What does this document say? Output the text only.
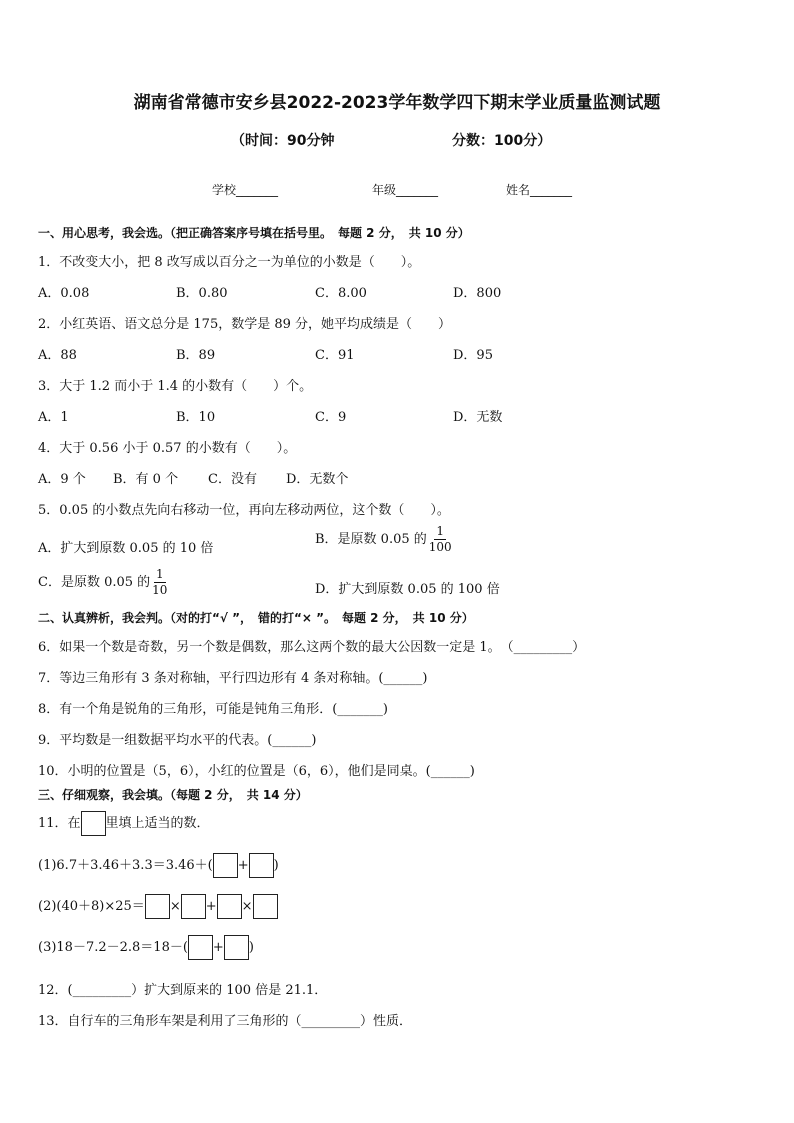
湖南省常德市安乡县2022-2023学年数学四下期末学业质量监测试题
（时间：90分钟	分数：100分）
学校_______	年级_______	姓名_______
一、用心思考，我会选。（把正确答案序号填在括号里。　每题 2 分，　共 10 分）
1．不改变大小，把 8 改写成以百分之一为单位的小数是（　　）。
A．0.08	B．0.80	C．8.00	D．800
2．小红英语、语文总分是 175，数学是 89 分，她平均成绩是（　　）
A．88	B．89	C．91	D．95
3．大于 1.2 而小于 1.4 的小数有（　　）个。
A．1	B．10	C．9	D．无数
4．大于 0.56 小于 0.57 的小数有（　　）。
A．9 个 B．有 0 个 C．没有 D．无数个
5．0.05 的小数点先向右移动一位，再向左移动两位，这个数（　　）。
A．扩大到原数 0.05 的 10 倍
B．是原数 0.05 的 $\frac{1}{100}$
C．是原数 0.05 的 $\frac{1}{10}$	D．扩大到原数 0.05 的 100 倍
二、认真辨析，我会判。（对的打“√ ”，　错的打“× ”。　每题 2 分，　共 10 分）
6．如果一个数是奇数，另一个数是偶数，那么这两个数的最大公因数一定是 1。　（_________）
7．等边三角形有 3 条对称轴，平行四边形有 4 条对称轴。(______)
8．有一个角是锐角的三角形，可能是钝角三角形．(_______)
9．平均数是一组数据平均水平的代表。(______)
10．小明的位置是（5，6），小红的位置是（6，6），他们是同桌。(______)
三、仔细观察，我会填。（每题 2 分，　共 14 分）
11．在 里填上适当的数．
(1)6.7＋3.46＋3.3＝3.46＋( + )
(2)(40＋8)×25＝ × + ×
(3)18－7.2－2.8＝18－( + )
12．(_________）扩大到原来的 100 倍是 21.1．
13．自行车的三角形车架是利用了三角形的（_________）性质．
